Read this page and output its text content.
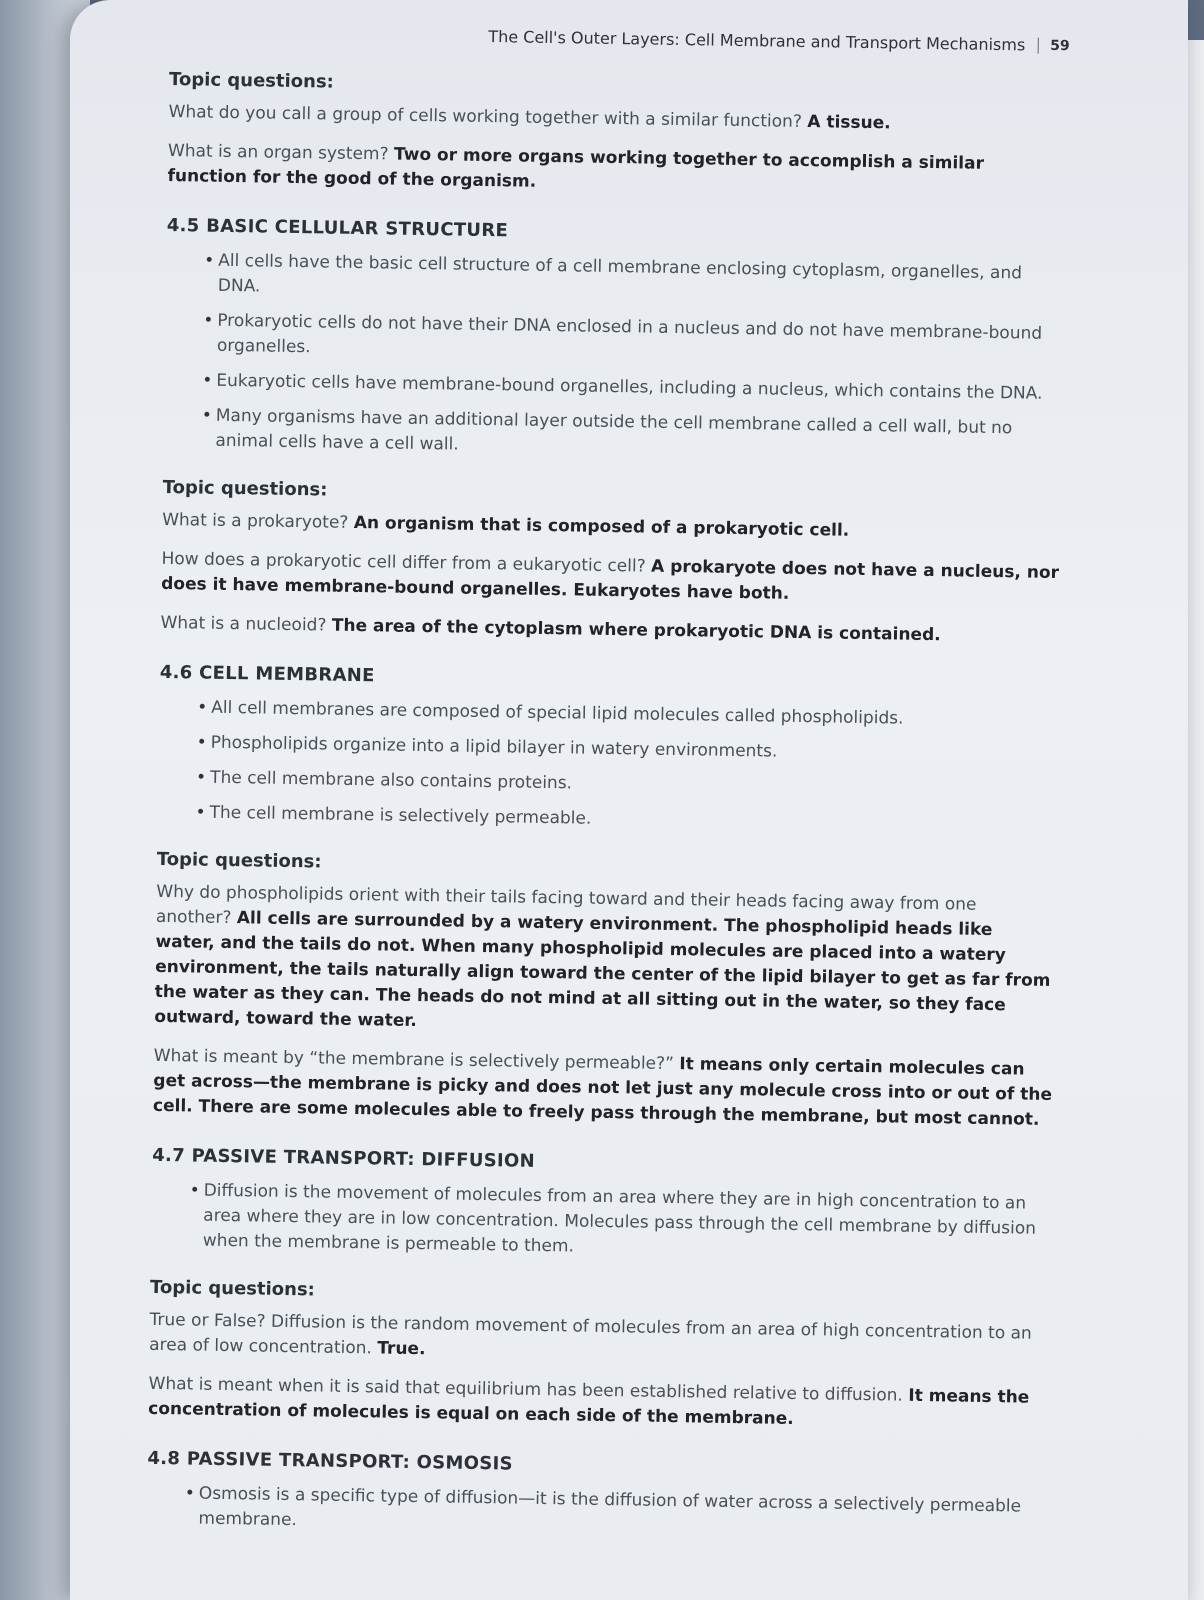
The Cell's Outer Layers: Cell Membrane and Transport Mechanisms	59
Topic questions:

What do you call a group of cells working together with a similar function? A tissue.

What is an organ system? Two or more organs working together to accomplish a similar function for the good of the organism.

4.5 BASIC CELLULAR STRUCTURE
• All cells have the basic cell structure of a cell membrane enclosing cytoplasm, organelles, and DNA.
• Prokaryotic cells do not have their DNA enclosed in a nucleus and do not have membrane-bound organelles.
• Eukaryotic cells have membrane-bound organelles, including a nucleus, which contains the DNA.
• Many organisms have an additional layer outside the cell membrane called a cell wall, but no animal cells have a cell wall.
Topic questions:

What is a prokaryote? An organism that is composed of a prokaryotic cell.

How does a prokaryotic cell differ from a eukaryotic cell? A prokaryote does not have a nucleus, nor does it have membrane-bound organelles. Eukaryotes have both.

What is a nucleoid? The area of the cytoplasm where prokaryotic DNA is contained.

4.6 CELL MEMBRANE
• All cell membranes are composed of special lipid molecules called phospholipids.
• Phospholipids organize into a lipid bilayer in watery environments.
• The cell membrane also contains proteins.
• The cell membrane is selectively permeable.
Topic questions:

Why do phospholipids orient with their tails facing toward and their heads facing away from one another? All cells are surrounded by a watery environment. The phospholipid heads like water, and the tails do not. When many phospholipid molecules are placed into a watery environment, the tails naturally align toward the center of the lipid bilayer to get as far from the water as they can. The heads do not mind at all sitting out in the water, so they face outward, toward the water.

What is meant by “the membrane is selectively permeable?” It means only certain molecules can get across—the membrane is picky and does not let just any molecule cross into or out of the cell. There are some molecules able to freely pass through the membrane, but most cannot.

4.7 PASSIVE TRANSPORT: DIFFUSION
• Diffusion is the movement of molecules from an area where they are in high concentration to an area where they are in low concentration. Molecules pass through the cell membrane by diffusion when the membrane is permeable to them.
Topic questions:

True or False? Diffusion is the random movement of molecules from an area of high concentration to an area of low concentration. True.

What is meant when it is said that equilibrium has been established relative to diffusion. It means the concentration of molecules is equal on each side of the membrane.

4.8 PASSIVE TRANSPORT: OSMOSIS
• Osmosis is a specific type of diffusion—it is the diffusion of water across a selectively permeable membrane.
